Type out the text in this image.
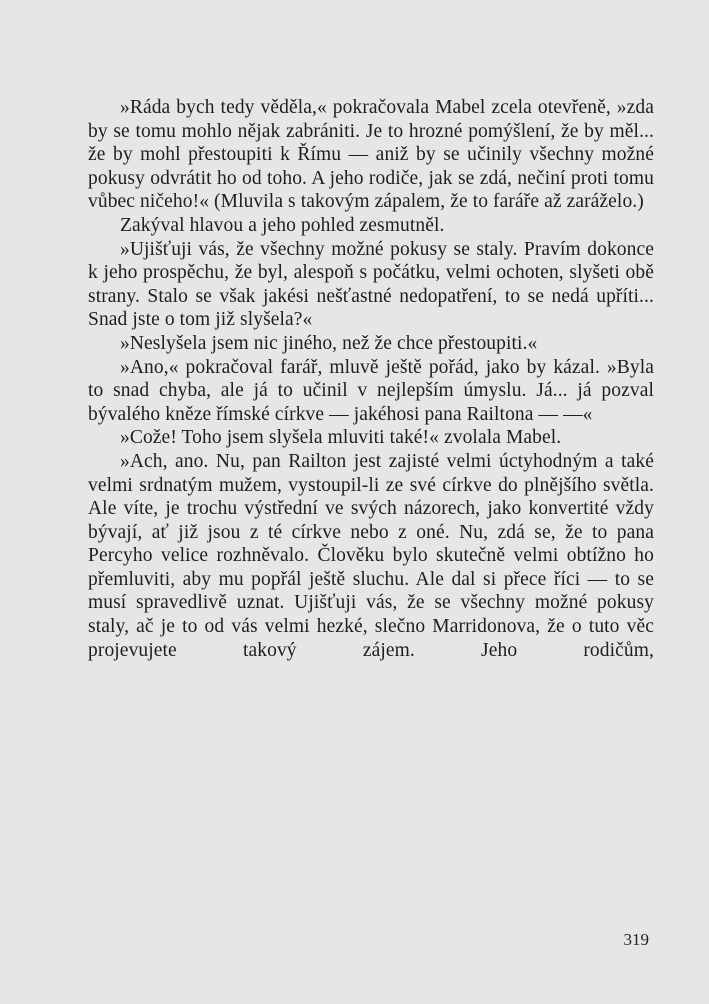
»Ráda bych tedy věděla,« pokračovala Mabel zcela otevřeně, »zda by se tomu mohlo nějak zabrániti. Je to hrozné pomýšlení, že by měl... že by mohl přestoupiti k Římu — aniž by se učinily všechny možné pokusy odvrátit ho od toho. A jeho rodiče, jak se zdá, nečiní proti tomu vůbec ničeho!« (Mluvila s takovým zápalem, že to faráře až zaráželo.)

Zakýval hlavou a jeho pohled zesmutněl.

»Ujišťuji vás, že všechny možné pokusy se staly. Pravím dokonce k jeho prospěchu, že byl, alespoň s počátku, velmi ochoten, slyšeti obě strany. Stalo se však jakési nešťastné nedopatření, to se nedá upříti... Snad jste o tom již slyšela?«

»Neslyšela jsem nic jiného, než že chce přestoupiti.«

»Ano,« pokračoval farář, mluvě ještě pořád, jako by kázal. »Byla to snad chyba, ale já to učinil v nejlepším úmyslu. Já... já pozval bývalého kněze římské církve — jakéhosi pana Railtona — —«

»Cože! Toho jsem slyšela mluviti také!« zvolala Mabel.

»Ach, ano. Nu, pan Railton jest zajisté velmi úctyhodným a také velmi srdnatým mužem, vystoupil-li ze své církve do plnějšího světla. Ale víte, je trochu výstřední ve svých názorech, jako konvertité vždy bývají, ať již jsou z té církve nebo z oné. Nu, zdá se, že to pana Percyho velice rozhněvalo. Člověku bylo skutečně velmi obtížno ho přemluviti, aby mu popřál ještě sluchu. Ale dal si přece říci — to se musí spravedlivě uznat. Ujišťuji vás, že se všechny možné pokusy staly, ač je to od vás velmi hezké, slečno Marridonova, že o tuto věc projevujete takový zájem. Jeho rodičům,

319
